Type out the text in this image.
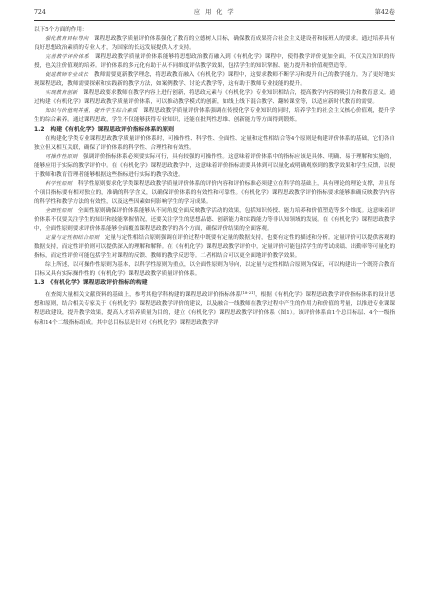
724	应 用 化 学	第42卷

以下5个方面的作用：

强化教育目标导向　 课程思政教学质量评价体系强化了教育的立德树人目标，确保教育成果符合社会主义建设者和接班人的要求。通过培养具有良好思想政治素质的专业人才，为国家的长远发展提供人才支持。

完善教学评价体系　 课程思政教学质量评价体系能够将思想政治教育融入到《有机化学》课程中，使得教学评价更加全面，不仅关注知识的传授，也关注价值观的培养。评价体系的多元化有助于从不同维度评估教学效果，包括学生的知识掌握、能力提升和价值观塑造等。

促进教师专业成长　 教师需要更新教学理念，将思政教育融入《有机化学》课程中，这要求教师不断学习和提升自己的教学能力，为了更好地实现课程思政，教师需要探索和实践新的教学方法，如案例教学、讨论式教学等，这有助于教师专业技能的提升。

实现教育创新　 课程思政要求教师在教学内容上进行创新，将思政元素与《有机化学》专业知识相结合，提高教学内容的吸引力和教育意义。通过构建《有机化学》课程思政教学质量评价体系，可以推动教学模式的创新，如线上线下混合教学、翻转课堂等，以适应新时代教育的需要。

知识与价值观并重，提升学生综合素质　 课程思政教学质量评价体系强调在传授化学专业知识的同时，培养学生的社会主义核心价值观，提升学生的综合素养。通过课程思政，学生不仅能够获得专业知识，还能在批判性思维、创新能力等方面得到锻炼。

1.2　构建《有机化学》课程思政评价指标体系的原则

在构建化学类专业课程思政教学质量评价体系时，可操作性、科学性、全面性、定量和定性相结合等4个原则是构建评价体系的基础，它们各自独立但又相互关联，确保了评价体系的科学性、合理性和有效性。

可操作性原则　 强调评价指标体系必须要实际可行，具有较强的可操作性。这意味着评价体系中的指标应该是具体、明确、易于理解和实施的，能够应用于实际的教学评价中。在《有机化学》课程思政教学中，这意味着评价指标需要具体到可以量化或明确观察到的教学效果和学生反馈，以便于教师和教育管理者能够根据这些指标进行实际的教学改进。

科学性原则　 科学性原则要求化学类课程思政教学质量评价体系的评价内容和评价标准必须建立在科学的基础上，具有理论的理论支撑，并且每个项目指标要有相对独立的，准确的科学含义，以确保评价体系的有效性和可靠性。《有机化学》课程思政教学评价指标要求能够准确反映教学内容的科学性和教学方法的有效性，以及这些因素如何影响学生的学习成果。

全面性原则　 全面性原则确保评价体系能够从不同角度全面反映教学活动的效果，包括知识传授、能力培养和价值塑造等多个维度。这意味着评价体系不仅要关注学生的知识和技能掌握情况，还要关注学生的思想品德、创新能力和实践能力等非认知领域的发展。在《有机化学》课程思政教学中，全面性原则要求评价体系能够全面覆盖课程思政教学的各个方面，确保评价结果的全面客观。

定量与定性相结合原则　 定量与定性相结合原则强调在评价过程中既要有定量的数据支持，也要有定性的描述和分析。定量评价可以提供客观的数据支持，而定性评价则可以提供深入的理解和解释。在《有机化学》课程思政教学评价中，定量评价可能包括学生的考试成绩、出勤率等可量化的指标，而定性评价可能包括学生对课程的反馈、教师的教学反思等。二者相结合可以更全面地评价教学效果。

综上所述，以可操作性原则为基本，以科学性原则为重点，以全面性原则为导向，以定量与定性相结合原则为保证，可以构建出一个既符合教育目标又具有实际操作性的《有机化学》课程思政教学质量评价体系。

1.3　《有机化学》课程思政评价指标的构建

在查阅大量相关文献资料的基础上，参考其他学科构建的课程思政评价指标体系[18-21]，根据《有机化学》课程思政教学评价指标体系的设计思想和原则，结合相关专家关于《有机化学》课程思政教学评价的建议，以及融合一线教师在教学过程中产生的作用力和价值的考量，以推进专业课课程思政建设，提升教学效果，提高人才培养质量为目的，建立《有机化学》课程思政教学评价体系（图1）。该评价体系由1个总目标层、4个一级指标和14个二级指标组成。其中总目标层是针对《有机化学》课程思政教学评
